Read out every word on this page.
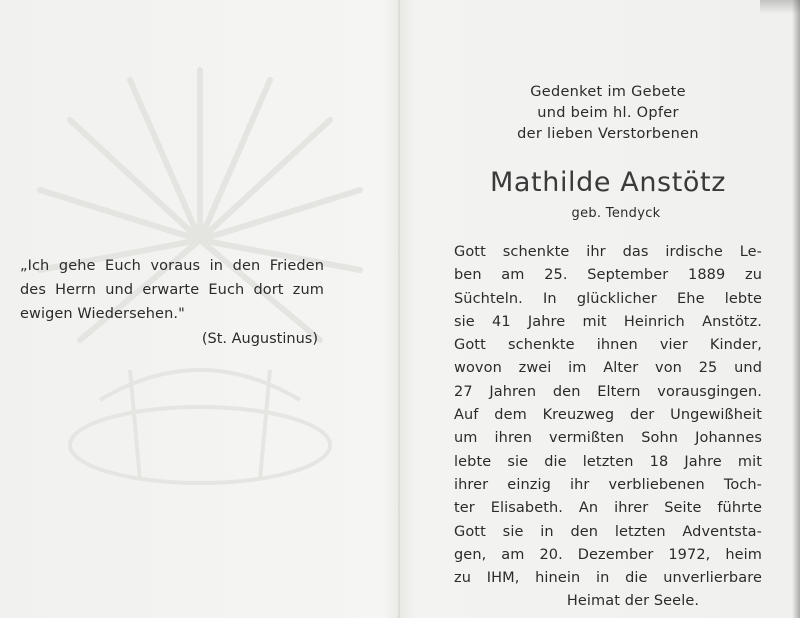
„Ich gehe Euch voraus in den Frieden
des Herrn und erwarte Euch dort zum
ewigen Wiedersehen."
(St. Augustinus)
Gedenket im Gebete
und beim hl. Opfer
der lieben Verstorbenen
Mathilde Anstötz
geb. Tendyck
Gott schenkte ihr das irdische Le-
ben am 25. September 1889 zu
Süchteln. In glücklicher Ehe lebte
sie 41 Jahre mit Heinrich Anstötz.
Gott schenkte ihnen vier Kinder,
wovon zwei im Alter von 25 und
27 Jahren den Eltern vorausgingen.
Auf dem Kreuzweg der Ungewißheit
um ihren vermißten Sohn Johannes
lebte sie die letzten 18 Jahre mit
ihrer einzig ihr verbliebenen Toch-
ter Elisabeth. An ihrer Seite führte
Gott sie in den letzten Adventsta-
gen, am 20. Dezember 1972, heim
zu IHM, hinein in die unverlierbare
Heimat der Seele.
